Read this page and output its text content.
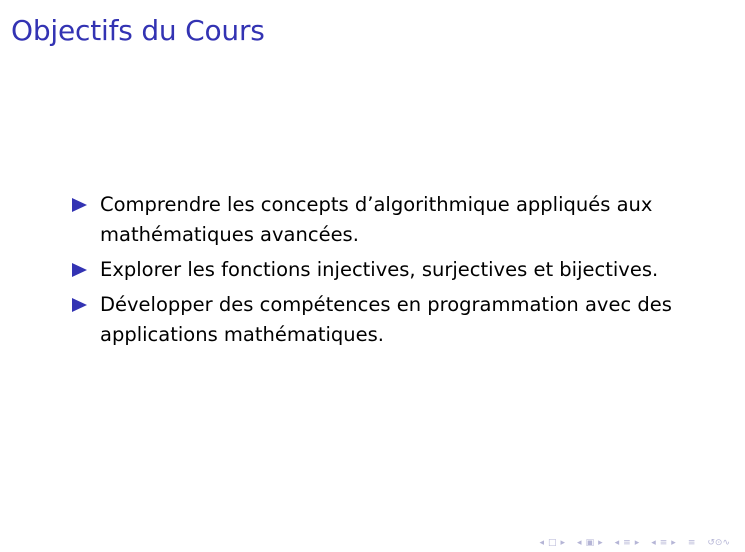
Objectifs du Cours
Comprendre les concepts d’algorithmique appliqués aux mathématiques avancées.
Explorer les fonctions injectives, surjectives et bijectives.
Développer des compétences en programmation avec des applications mathématiques.
◂ □ ▸ ◂ ▣ ▸ ◂ ≡ ▸ ◂ ≡ ▸ ≡ ↺⊙∿
